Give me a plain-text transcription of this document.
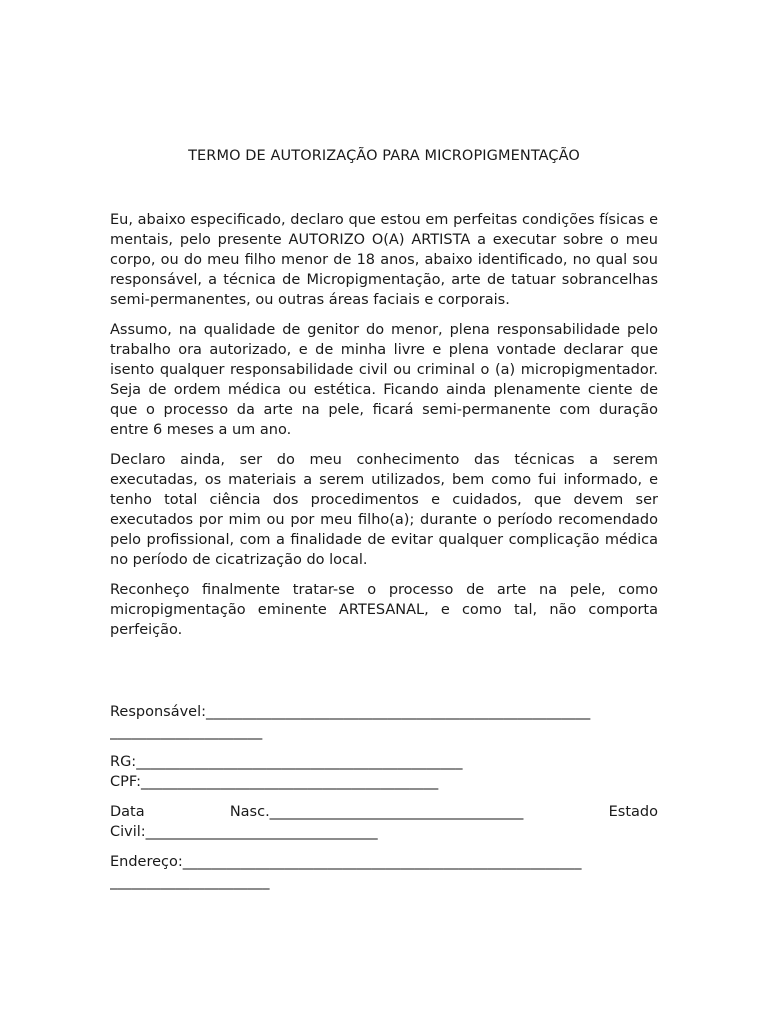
TERMO DE AUTORIZAÇÃO PARA MICROPIGMENTAÇÃO

Eu, abaixo especificado, declaro que estou em perfeitas condições físicas e mentais, pelo presente AUTORIZO O(A) ARTISTA a executar sobre o meu corpo, ou do meu filho menor de 18 anos, abaixo identificado, no qual sou responsável, a técnica de Micropigmentação, arte de tatuar sobrancelhas semi-permanentes, ou outras áreas faciais e corporais.

Assumo, na qualidade de genitor do menor, plena responsabilidade pelo trabalho ora autorizado, e de minha livre e plena vontade declarar que isento qualquer responsabilidade civil ou criminal o (a) micropigmentador. Seja de ordem médica ou estética. Ficando ainda plenamente ciente de que o processo da arte na pele, ficará semi-permanente com duração entre 6 meses a um ano.

Declaro ainda, ser do meu conhecimento das técnicas a serem executadas, os materiais a serem utilizados, bem como fui informado, e tenho total ciência dos procedimentos e cuidados, que devem ser executados por mim ou por meu filho(a); durante o período recomendado pelo profissional, com a finalidade de evitar qualquer complicação médica no período de cicatrização do local.

Reconheço finalmente tratar-se o processo de arte na pele, como micropigmentação eminente ARTESANAL, e como tal, não comporta perfeição.

Responsável:_____________________________________________________

_____________________

RG:_____________________________________________

CPF:_________________________________________

Data	Nasc.___________________________________	Estado

Civil:________________________________

Endereço:_______________________________________________________

______________________
